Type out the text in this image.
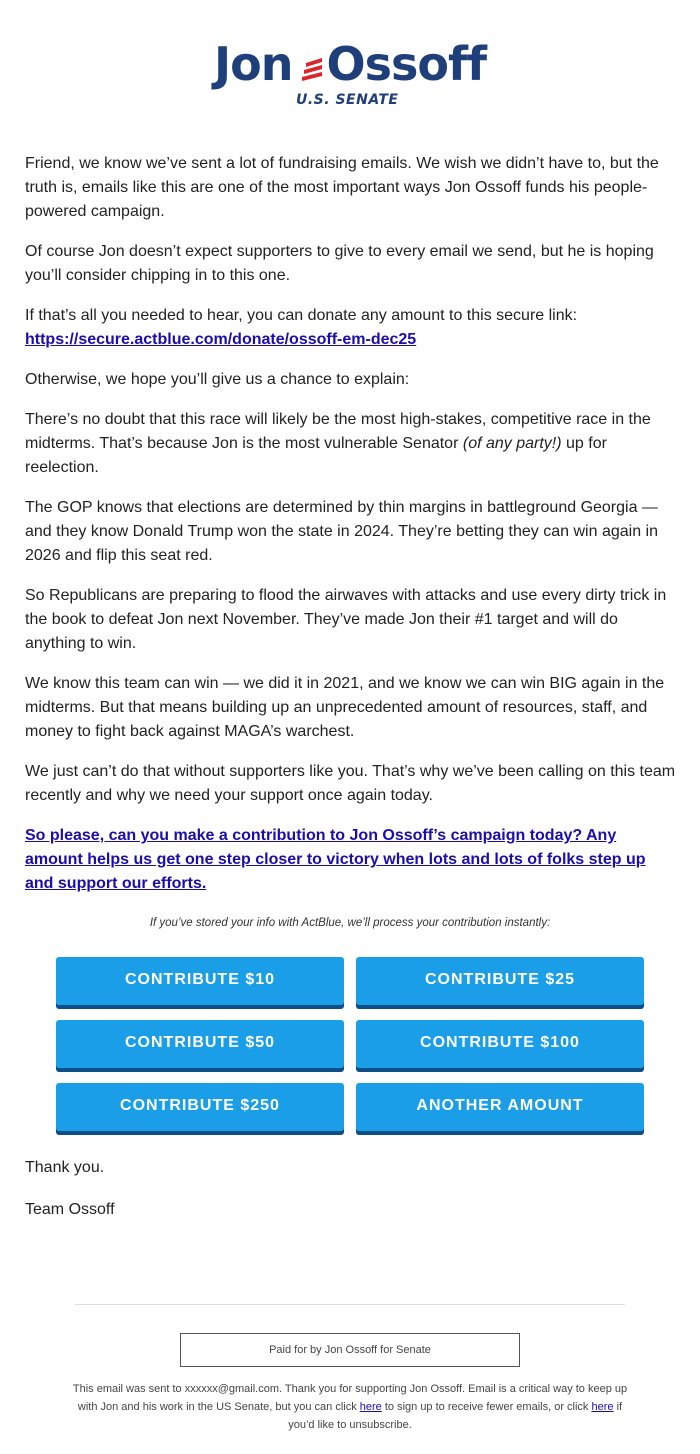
Jon Ossoff
U.S. SENATE

Friend, we know we’ve sent a lot of fundraising emails. We wish we didn’t have to, but the truth is, emails like this are one of the most important ways Jon Ossoff funds his people-powered campaign.

Of course Jon doesn’t expect supporters to give to every email we send, but he is hoping you’ll consider chipping in to this one.

If that’s all you needed to hear, you can donate any amount to this secure link:
https://secure.actblue.com/donate/ossoff-em-dec25

Otherwise, we hope you’ll give us a chance to explain:

There’s no doubt that this race will likely be the most high-stakes, competitive race in the midterms. That’s because Jon is the most vulnerable Senator (of any party!) up for reelection.

The GOP knows that elections are determined by thin margins in battleground Georgia — and they know Donald Trump won the state in 2024. They’re betting they can win again in 2026 and flip this seat red.

So Republicans are preparing to flood the airwaves with attacks and use every dirty trick in the book to defeat Jon next November. They’ve made Jon their #1 target and will do anything to win.

We know this team can win — we did it in 2021, and we know we can win BIG again in the midterms. But that means building up an unprecedented amount of resources, staff, and money to fight back against MAGA’s warchest.

We just can’t do that without supporters like you. That’s why we’ve been calling on this team recently and why we need your support once again today.

So please, can you make a contribution to Jon Ossoff’s campaign today? Any amount helps us get one step closer to victory when lots and lots of folks step up and support our efforts.

If you’ve stored your info with ActBlue, we’ll process your contribution instantly:
CONTRIBUTE $10	CONTRIBUTE $25
CONTRIBUTE $50	CONTRIBUTE $100
CONTRIBUTE $250	ANOTHER AMOUNT

Thank you.

Team Ossoff

Paid for by Jon Ossoff for Senate
This email was sent to xxxxxx@gmail.com. Thank you for supporting Jon Ossoff. Email is a critical way to keep up with Jon and his work in the US Senate, but you can click here to sign up to receive fewer emails, or click here if you’d like to unsubscribe.
